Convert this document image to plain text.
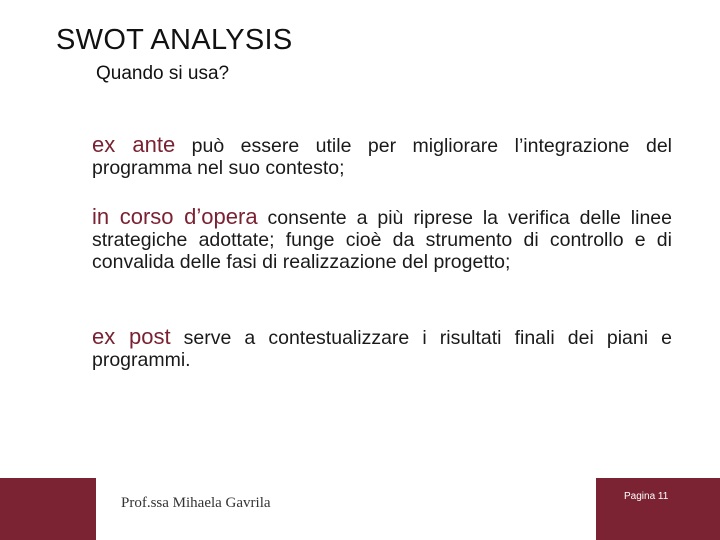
SWOT ANALYSIS
Quando si usa?
ex ante può essere utile per migliorare l’integrazione del programma nel suo contesto;
in corso d’opera consente a più riprese la verifica delle linee strategiche adottate; funge cioè da strumento di controllo e di convalida delle fasi di realizzazione del progetto;
ex post serve a contestualizzare i risultati finali dei piani e programmi.
Prof.ssa Mihaela Gavrila	Pagina 11
